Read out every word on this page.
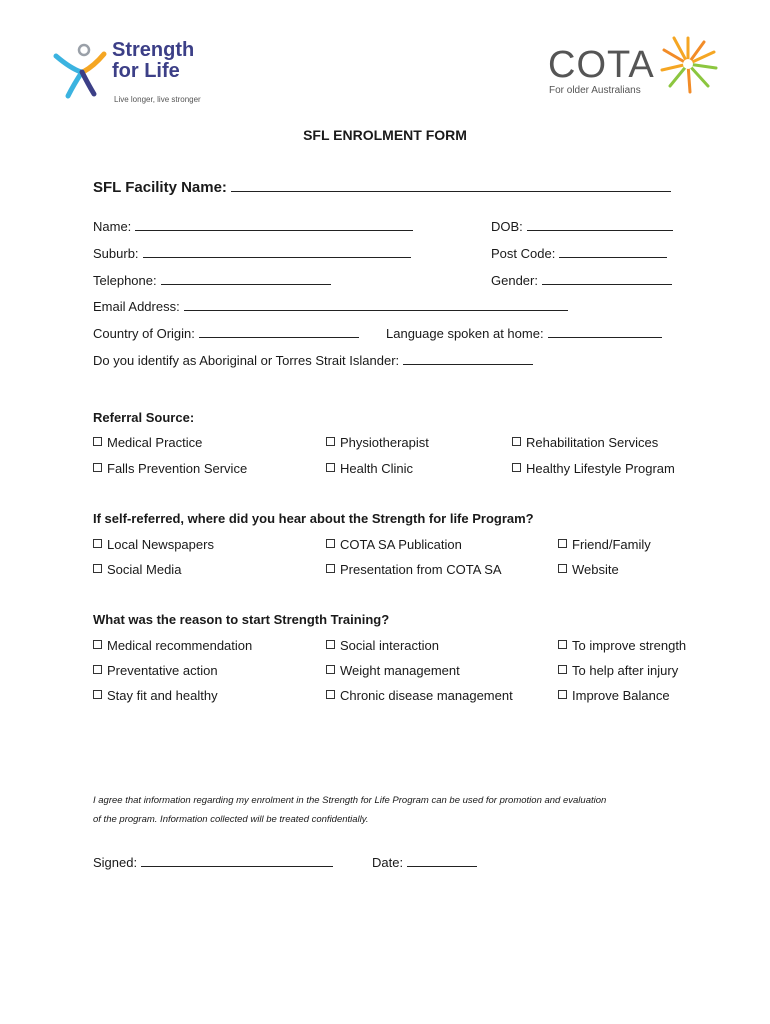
Strength
for Life
Live longer, live stronger
COTA
For older Australians
SFL ENROLMENT FORM
SFL Facility Name:
Name:	DOB:
Suburb:	Post Code:
Telephone:	Gender:
Email Address:
Country of Origin:	Language spoken at home:
Do you identify as Aboriginal or Torres Strait Islander:
Referral Source:
Medical Practice	Physiotherapist	Rehabilitation Services
Falls Prevention Service	Health Clinic	Healthy Lifestyle Program
If self-referred, where did you hear about the Strength for life Program?
Local Newspapers	COTA SA Publication	Friend/Family
Social Media	Presentation from COTA SA	Website
What was the reason to start Strength Training?
Medical recommendation	Social interaction	To improve strength
Preventative action	Weight management	To help after injury
Stay fit and healthy	Chronic disease management	Improve Balance
I agree that information regarding my enrolment in the Strength for Life Program can be used for promotion and evaluation
of the program. Information collected will be treated confidentially.
Signed:	Date:
